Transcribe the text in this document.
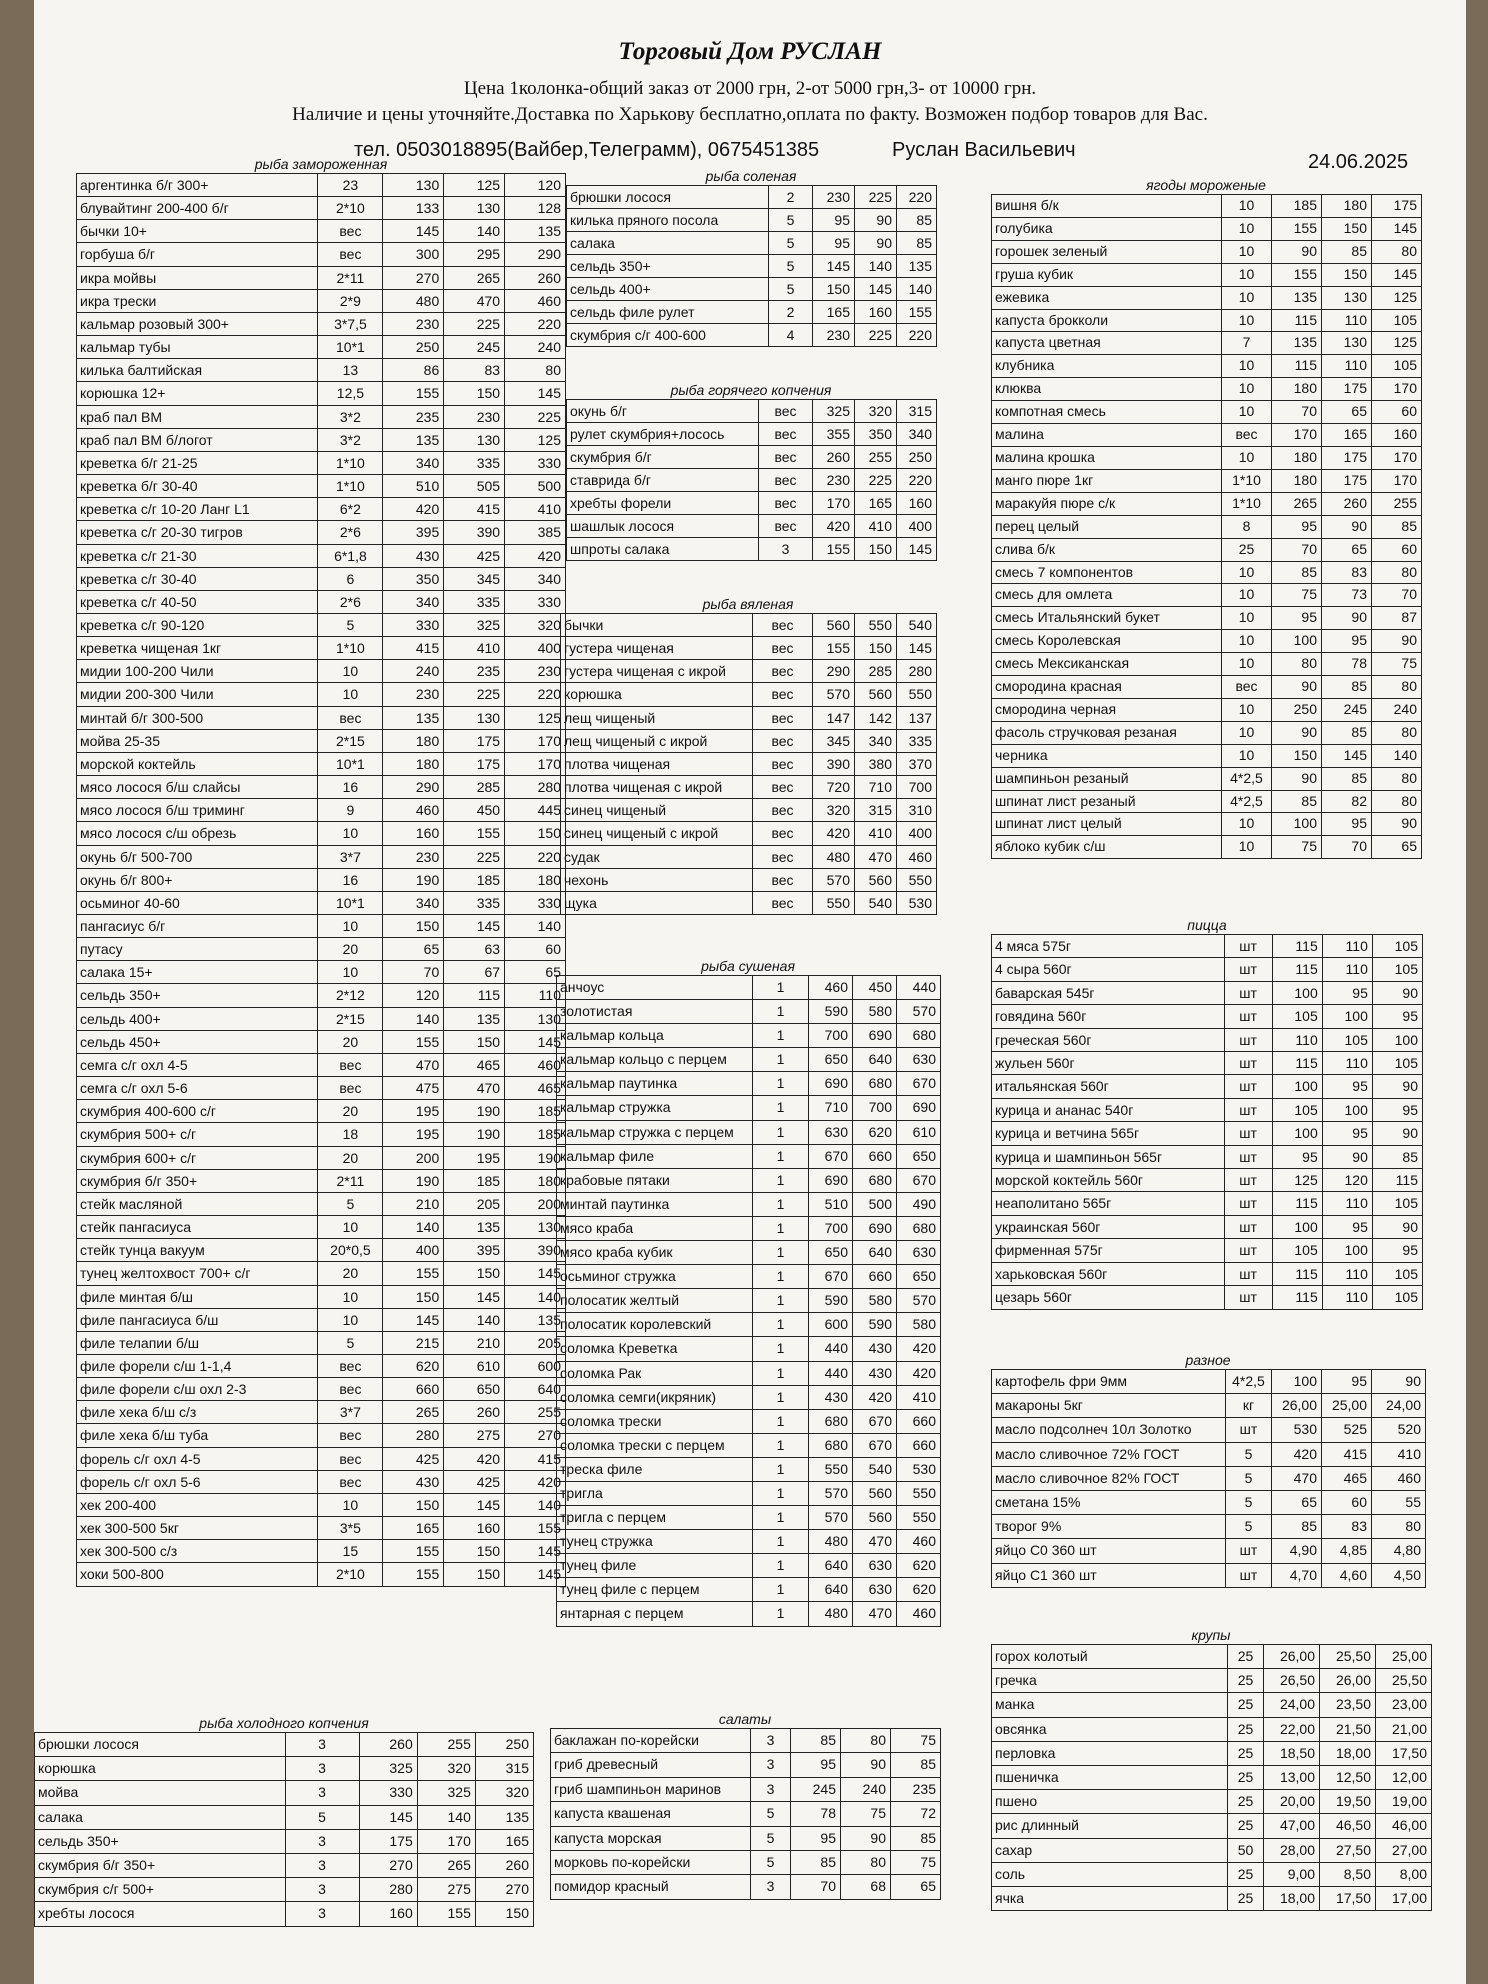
Торговый Дом РУСЛАН
Цена 1колонка-общий заказ от 2000 грн, 2-от 5000 грн,3- от 10000 грн.
Наличие и цены уточняйте.Доставка по Харькову бесплатно,оплата по факту. Возможен подбор товаров для Вас.
тел. 0503018895(Вайбер,Телеграмм), 0675451385	Руслан Васильевич
24.06.2025
рыба замороженная
аргентинка б/г 300+	23	130	125	120
блувайтинг 200-400 б/г	2*10	133	130	128
бычки 10+	вес	145	140	135
горбуша б/г	вес	300	295	290
икра мойвы	2*11	270	265	260
икра трески	2*9	480	470	460
кальмар розовый 300+	3*7,5	230	225	220
кальмар тубы	10*1	250	245	240
килька балтийская	13	86	83	80
корюшка 12+	12,5	155	150	145
краб пал ВМ	3*2	235	230	225
краб пал ВМ б/логот	3*2	135	130	125
креветка б/г 21-25	1*10	340	335	330
креветка б/г 30-40	1*10	510	505	500
креветка с/г 10-20 Ланг L1	6*2	420	415	410
креветка с/г 20-30 тигров	2*6	395	390	385
креветка с/г 21-30	6*1,8	430	425	420
креветка с/г 30-40	6	350	345	340
креветка с/г 40-50	2*6	340	335	330
креветка с/г 90-120	5	330	325	320
креветка чищеная 1кг	1*10	415	410	400
мидии 100-200 Чили	10	240	235	230
мидии 200-300 Чили	10	230	225	220
минтай б/г 300-500	вес	135	130	125
мойва 25-35	2*15	180	175	170
морской коктейль	10*1	180	175	170
мясо лосося б/ш слайсы	16	290	285	280
мясо лосося б/ш триминг	9	460	450	445
мясо лосося с/ш обрезь	10	160	155	150
окунь б/г 500-700	3*7	230	225	220
окунь б/г 800+	16	190	185	180
осьминог 40-60	10*1	340	335	330
пангасиус б/г	10	150	145	140
путасу	20	65	63	60
салака 15+	10	70	67	65
сельдь 350+	2*12	120	115	110
сельдь 400+	2*15	140	135	130
сельдь 450+	20	155	150	145
семга с/г охл 4-5	вес	470	465	460
семга с/г охл 5-6	вес	475	470	465
скумбрия 400-600 с/г	20	195	190	185
скумбрия 500+ с/г	18	195	190	185
скумбрия 600+ с/г	20	200	195	190
скумбрия б/г 350+	2*11	190	185	180
стейк масляной	5	210	205	200
стейк пангасиуса	10	140	135	130
стейк тунца вакуум	20*0,5	400	395	390
тунец желтохвост 700+ с/г	20	155	150	145
филе минтая б/ш	10	150	145	140
филе пангасиуса б/ш	10	145	140	135
филе телапии б/ш	5	215	210	205
филе форели с/ш 1-1,4	вес	620	610	600
филе форели с/ш охл 2-3	вес	660	650	640
филе хека б/ш с/з	3*7	265	260	255
филе хека б/ш туба	вес	280	275	270
форель с/г охл 4-5	вес	425	420	415
форель с/г охл 5-6	вес	430	425	420
хек 200-400	10	150	145	140
хек 300-500 5кг	3*5	165	160	155
хек 300-500 с/з	15	155	150	145
хоки 500-800	2*10	155	150	145
рыба холодного копчения
брюшки лосося	3	260	255	250
корюшка	3	325	320	315
мойва	3	330	325	320
салака	5	145	140	135
сельдь 350+	3	175	170	165
скумбрия б/г 350+	3	270	265	260
скумбрия с/г 500+	3	280	275	270
хребты лосося	3	160	155	150
рыба соленая
брюшки лосося	2	230	225	220
килька пряного посола	5	95	90	85
салака	5	95	90	85
сельдь 350+	5	145	140	135
сельдь 400+	5	150	145	140
сельдь филе рулет	2	165	160	155
скумбрия с/г 400-600	4	230	225	220
рыба горячего копчения
окунь б/г	вес	325	320	315
рулет скумбрия+лосось	вес	355	350	340
скумбрия б/г	вес	260	255	250
ставрида б/г	вес	230	225	220
хребты форели	вес	170	165	160
шашлык лосося	вес	420	410	400
шпроты салака	3	155	150	145
рыба вяленая
бычки	вес	560	550	540
густера чищеная	вес	155	150	145
густера чищеная с икрой	вес	290	285	280
корюшка	вес	570	560	550
лещ чищеный	вес	147	142	137
лещ чищеный с икрой	вес	345	340	335
плотва чищеная	вес	390	380	370
плотва чищеная с икрой	вес	720	710	700
синец чищеный	вес	320	315	310
синец чищеный с икрой	вес	420	410	400
судак	вес	480	470	460
чехонь	вес	570	560	550
щука	вес	550	540	530
рыба сушеная
анчоус	1	460	450	440
золотистая	1	590	580	570
кальмар кольца	1	700	690	680
кальмар кольцо с перцем	1	650	640	630
кальмар паутинка	1	690	680	670
кальмар стружка	1	710	700	690
кальмар стружка с перцем	1	630	620	610
кальмар филе	1	670	660	650
крабовые пятаки	1	690	680	670
минтай паутинка	1	510	500	490
мясо краба	1	700	690	680
мясо краба кубик	1	650	640	630
осьминог стружка	1	670	660	650
полосатик желтый	1	590	580	570
полосатик королевский	1	600	590	580
соломка Креветка	1	440	430	420
соломка Рак	1	440	430	420
соломка семги(икряник)	1	430	420	410
соломка трески	1	680	670	660
соломка трески с перцем	1	680	670	660
треска филе	1	550	540	530
тригла	1	570	560	550
тригла с перцем	1	570	560	550
тунец стружка	1	480	470	460
тунец филе	1	640	630	620
тунец филе с перцем	1	640	630	620
янтарная с перцем	1	480	470	460
салаты
баклажан по-корейски	3	85	80	75
гриб древесный	3	95	90	85
гриб шампиньон маринов	3	245	240	235
капуста квашеная	5	78	75	72
капуста морская	5	95	90	85
морковь по-корейски	5	85	80	75
помидор красный	3	70	68	65
ягоды мороженые
вишня б/к	10	185	180	175
голубика	10	155	150	145
горошек зеленый	10	90	85	80
груша кубик	10	155	150	145
ежевика	10	135	130	125
капуста брокколи	10	115	110	105
капуста цветная	7	135	130	125
клубника	10	115	110	105
клюква	10	180	175	170
компотная смесь	10	70	65	60
малина	вес	170	165	160
малина крошка	10	180	175	170
манго пюре 1кг	1*10	180	175	170
маракуйя пюре с/к	1*10	265	260	255
перец целый	8	95	90	85
слива б/к	25	70	65	60
смесь 7 компонентов	10	85	83	80
смесь для омлета	10	75	73	70
смесь Итальянский букет	10	95	90	87
смесь Королевская	10	100	95	90
смесь Мексиканская	10	80	78	75
смородина красная	вес	90	85	80
смородина черная	10	250	245	240
фасоль стручковая резаная	10	90	85	80
черника	10	150	145	140
шампиньон резаный	4*2,5	90	85	80
шпинат лист резаный	4*2,5	85	82	80
шпинат лист целый	10	100	95	90
яблоко кубик с/ш	10	75	70	65
пицца
4 мяса 575г	шт	115	110	105
4 сыра 560г	шт	115	110	105
баварская 545г	шт	100	95	90
говядина 560г	шт	105	100	95
греческая 560г	шт	110	105	100
жульен 560г	шт	115	110	105
итальянская 560г	шт	100	95	90
курица и ананас 540г	шт	105	100	95
курица и ветчина 565г	шт	100	95	90
курица и шампиньон 565г	шт	95	90	85
морской коктейль 560г	шт	125	120	115
неаполитано 565г	шт	115	110	105
украинская 560г	шт	100	95	90
фирменная 575г	шт	105	100	95
харьковская 560г	шт	115	110	105
цезарь 560г	шт	115	110	105
разное
картофель фри 9мм	4*2,5	100	95	90
макароны 5кг	кг	26,00	25,00	24,00
масло подсолнеч 10л Золотко	шт	530	525	520
масло сливочное 72% ГОСТ	5	420	415	410
масло сливочное 82% ГОСТ	5	470	465	460
сметана 15%	5	65	60	55
творог 9%	5	85	83	80
яйцо С0 360 шт	шт	4,90	4,85	4,80
яйцо С1 360 шт	шт	4,70	4,60	4,50
крупы
горох колотый	25	26,00	25,50	25,00
гречка	25	26,50	26,00	25,50
манка	25	24,00	23,50	23,00
овсянка	25	22,00	21,50	21,00
перловка	25	18,50	18,00	17,50
пшеничка	25	13,00	12,50	12,00
пшено	25	20,00	19,50	19,00
рис длинный	25	47,00	46,50	46,00
сахар	50	28,00	27,50	27,00
соль	25	9,00	8,50	8,00
ячка	25	18,00	17,50	17,00
